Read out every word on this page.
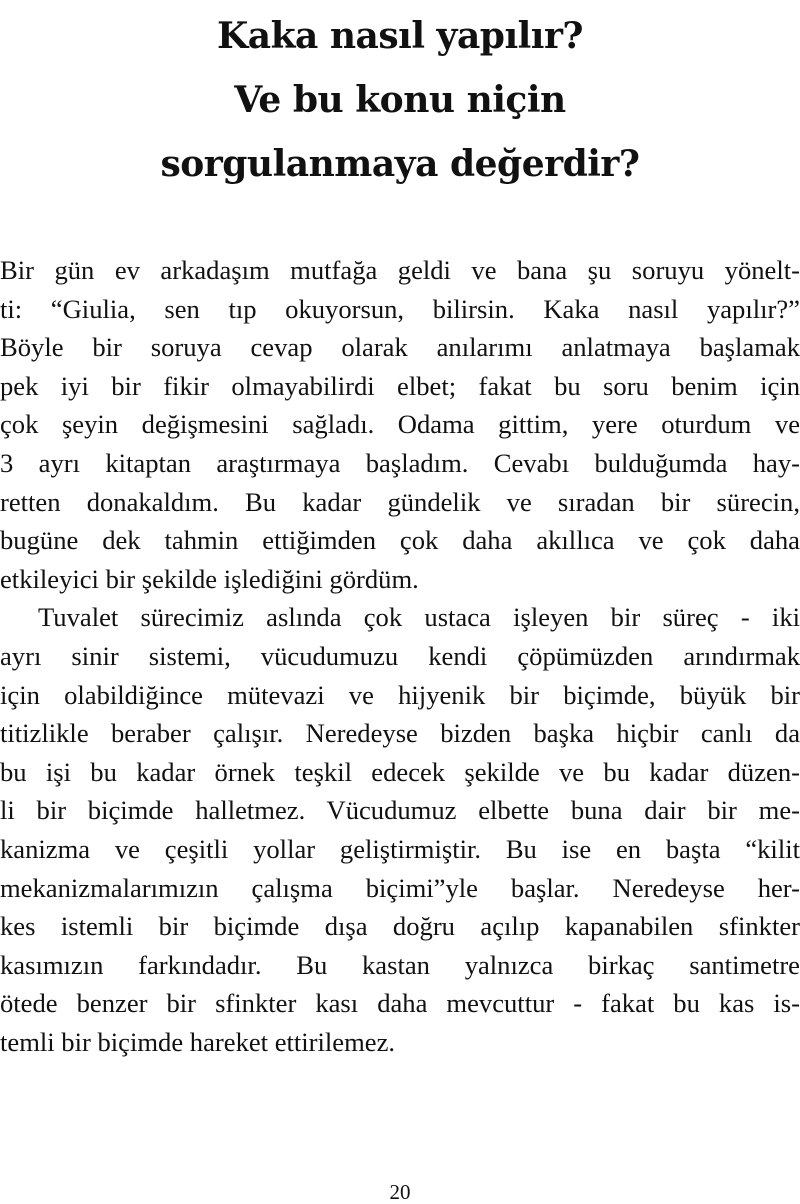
Kaka nasıl yapılır?
Ve bu konu niçin
sorgulanmaya değerdir?
Bir gün ev arkadaşım mutfağa geldi ve bana şu soruyu yönelt-
ti: “Giulia, sen tıp okuyorsun, bilirsin. Kaka nasıl yapılır?”
Böyle bir soruya cevap olarak anılarımı anlatmaya başlamak
pek iyi bir fikir olmayabilirdi elbet; fakat bu soru benim için
çok şeyin değişmesini sağladı. Odama gittim, yere oturdum ve
3 ayrı kitaptan araştırmaya başladım. Cevabı bulduğumda hay-
retten donakaldım. Bu kadar gündelik ve sıradan bir sürecin,
bugüne dek tahmin ettiğimden çok daha akıllıca ve çok daha
etkileyici bir şekilde işlediğini gördüm.
Tuvalet sürecimiz aslında çok ustaca işleyen bir süreç - iki
ayrı sinir sistemi, vücudumuzu kendi çöpümüzden arındırmak
için olabildiğince mütevazi ve hijyenik bir biçimde, büyük bir
titizlikle beraber çalışır. Neredeyse bizden başka hiçbir canlı da
bu işi bu kadar örnek teşkil edecek şekilde ve bu kadar düzen-
li bir biçimde halletmez. Vücudumuz elbette buna dair bir me-
kanizma ve çeşitli yollar geliştirmiştir. Bu ise en başta “kilit
mekanizmalarımızın çalışma biçimi”yle başlar. Neredeyse her-
kes istemli bir biçimde dışa doğru açılıp kapanabilen sfinkter
kasımızın farkındadır. Bu kastan yalnızca birkaç santimetre
ötede benzer bir sfinkter kası daha mevcuttur - fakat bu kas is-
temli bir biçimde hareket ettirilemez.
20
